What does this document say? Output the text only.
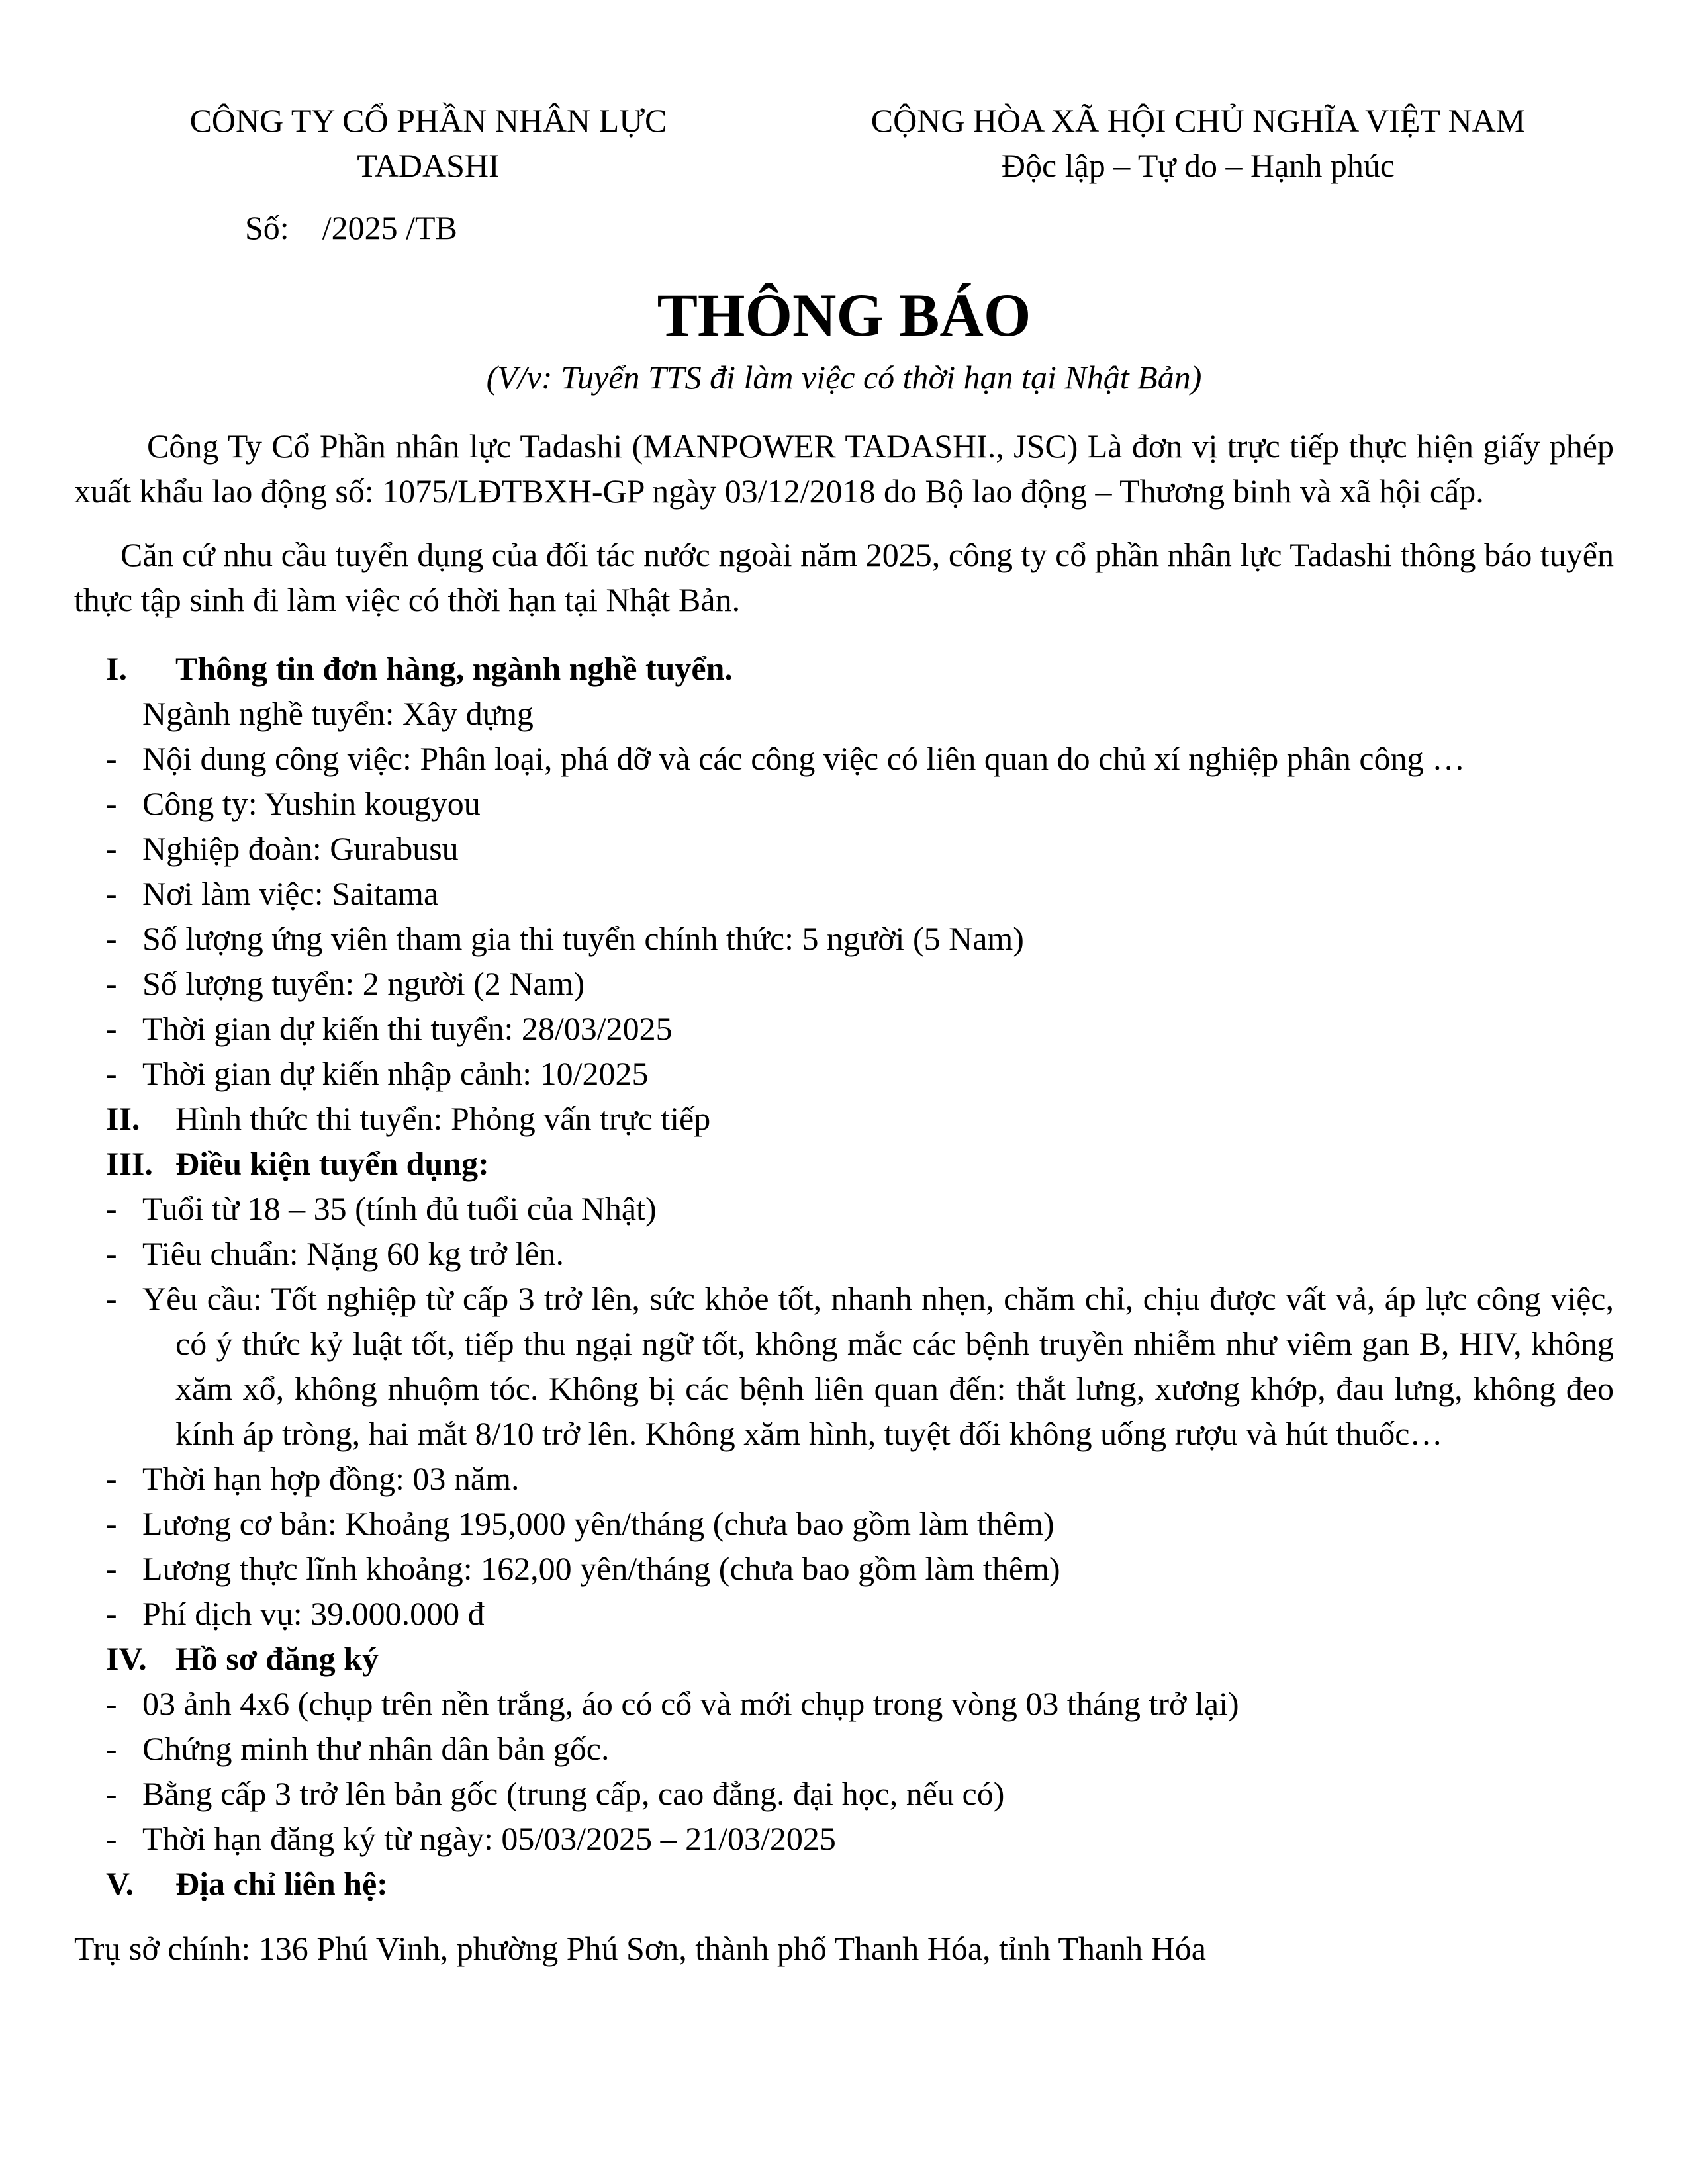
CÔNG TY CỔ PHẦN NHÂN LỰC
TADASHI
CỘNG HÒA XÃ HỘI CHỦ NGHĨA VIỆT NAM
Độc lập – Tự do – Hạnh phúc
Số:    /2025 /TB
THÔNG BÁO
(V/v: Tuyển TTS đi làm việc có thời hạn tại Nhật Bản)
Công Ty Cổ Phần nhân lực Tadashi (MANPOWER TADASHI., JSC) Là đơn vị trực tiếp thực hiện giấy phép xuất khẩu lao động số: 1075/LĐTBXH-GP ngày 03/12/2018 do Bộ lao động – Thương binh và xã hội cấp.
Căn cứ nhu cầu tuyển dụng của đối tác nước ngoài năm 2025, công ty cổ phần nhân lực Tadashi thông báo tuyển thực tập sinh đi làm việc có thời hạn tại Nhật Bản.
I.	Thông tin đơn hàng, ngành nghề tuyển.
Ngành nghề tuyển: Xây dựng
- Nội dung công việc: Phân loại, phá dỡ và các công việc có liên quan do chủ xí nghiệp phân công …
- Công ty: Yushin kougyou
- Nghiệp đoàn: Gurabusu
- Nơi làm việc: Saitama
- Số lượng ứng viên tham gia thi tuyển chính thức: 5 người (5 Nam)
- Số lượng tuyển: 2 người (2 Nam)
- Thời gian dự kiến thi tuyển: 28/03/2025
- Thời gian dự kiến nhập cảnh: 10/2025
II.	Hình thức thi tuyển: Phỏng vấn trực tiếp
III. Điều kiện tuyển dụng:
- Tuổi từ 18 – 35 (tính đủ tuổi của Nhật)
- Tiêu chuẩn: Nặng 60 kg trở lên.
- Yêu cầu: Tốt nghiệp từ cấp 3 trở lên, sức khỏe tốt, nhanh nhẹn, chăm chỉ, chịu được vất vả, áp lực công việc, có ý thức kỷ luật tốt, tiếp thu ngại ngữ tốt, không mắc các bệnh truyền nhiễm như viêm gan B, HIV, không xăm xổ, không nhuộm tóc. Không bị các bệnh liên quan đến: thắt lưng, xương khớp, đau lưng, không đeo kính áp tròng, hai mắt 8/10 trở lên. Không xăm hình, tuyệt đối không uống rượu và hút thuốc…
- Thời hạn hợp đồng: 03 năm.
- Lương cơ bản: Khoảng 195,000 yên/tháng (chưa bao gồm làm thêm)
- Lương thực lĩnh khoảng: 162,00 yên/tháng (chưa bao gồm làm thêm)
- Phí dịch vụ: 39.000.000 đ
IV. Hồ sơ đăng ký
- 03 ảnh 4x6 (chụp trên nền trắng, áo có cổ và mới chụp trong vòng 03 tháng trở lại)
- Chứng minh thư nhân dân bản gốc.
- Bằng cấp 3 trở lên bản gốc (trung cấp, cao đẳng. đại học, nếu có)
- Thời hạn đăng ký từ ngày: 05/03/2025 – 21/03/2025
V.	Địa chỉ liên hệ:
Trụ sở chính: 136 Phú Vinh, phường Phú Sơn, thành phố Thanh Hóa, tỉnh Thanh Hóa
